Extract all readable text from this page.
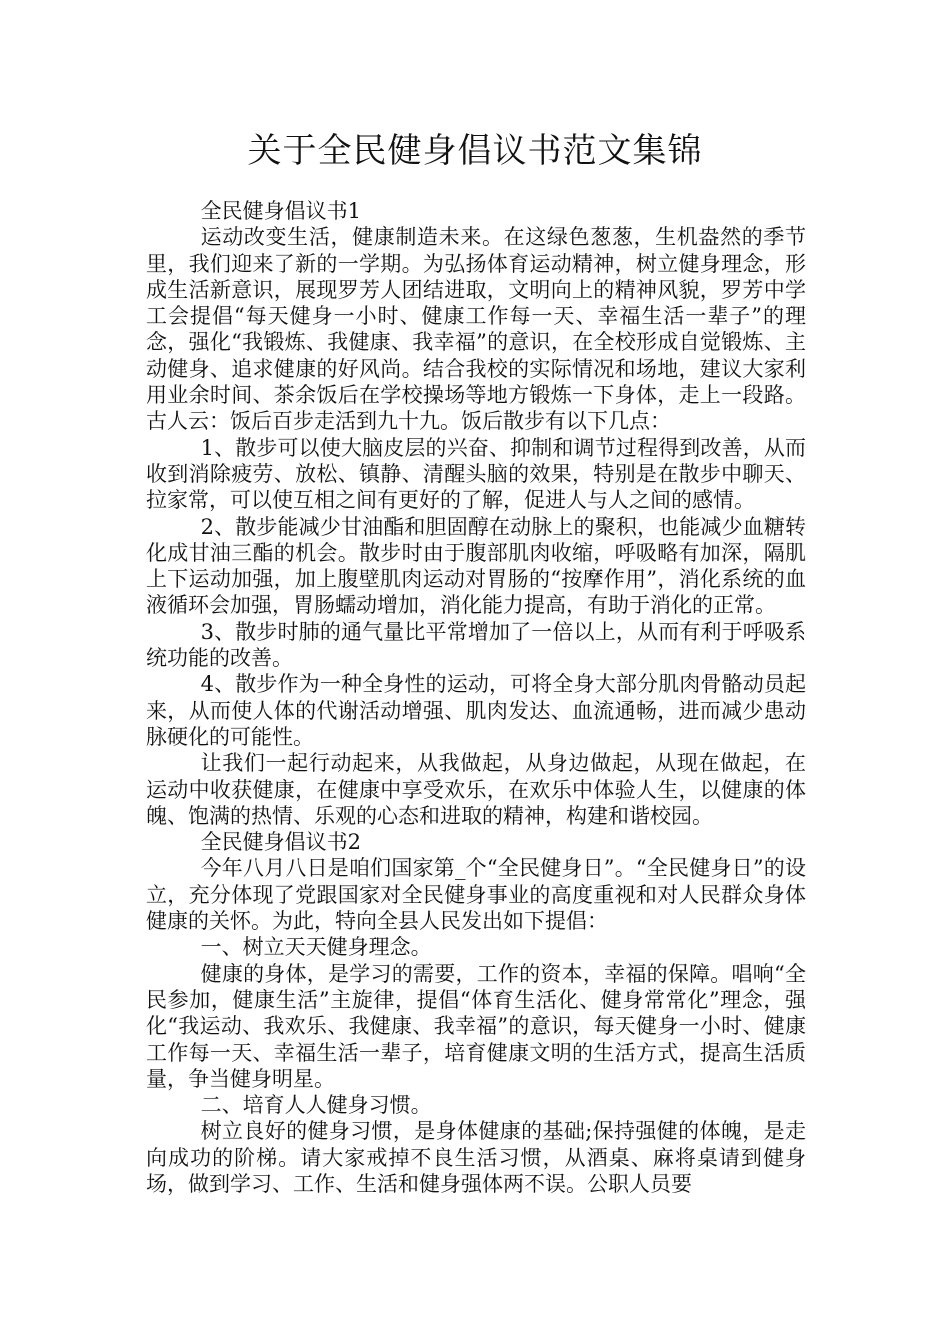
关于全民健身倡议书范文集锦

全民健身倡议书1

运动改变生活，健康制造未来。在这绿色葱葱，生机盎然的季节里，我们迎来了新的一学期。为弘扬体育运动精神，树立健身理念，形成生活新意识，展现罗芳人团结进取，文明向上的精神风貌，罗芳中学工会提倡“每天健身一小时、健康工作每一天、幸福生活一辈子”的理念，强化“我锻炼、我健康、我幸福”的意识，在全校形成自觉锻炼、主动健身、追求健康的好风尚。结合我校的实际情况和场地，建议大家利用业余时间、茶余饭后在学校操场等地方锻炼一下身体，走上一段路。古人云：饭后百步走活到九十九。饭后散步有以下几点：

1、散步可以使大脑皮层的兴奋、抑制和调节过程得到改善，从而收到消除疲劳、放松、镇静、清醒头脑的效果，特别是在散步中聊天、拉家常，可以使互相之间有更好的了解，促进人与人之间的感情。

2、散步能减少甘油酯和胆固醇在动脉上的聚积，也能减少血糖转化成甘油三酯的机会。散步时由于腹部肌肉收缩，呼吸略有加深，隔肌上下运动加强，加上腹壁肌肉运动对胃肠的“按摩作用”，消化系统的血液循环会加强，胃肠蠕动增加，消化能力提高，有助于消化的正常。

3、散步时肺的通气量比平常增加了一倍以上，从而有利于呼吸系统功能的改善。

4、散步作为一种全身性的运动，可将全身大部分肌肉骨骼动员起来，从而使人体的代谢活动增强、肌肉发达、血流通畅，进而减少患动脉硬化的可能性。

让我们一起行动起来，从我做起，从身边做起，从现在做起，在运动中收获健康，在健康中享受欢乐，在欢乐中体验人生，以健康的体魄、饱满的热情、乐观的心态和进取的精神，构建和谐校园。

全民健身倡议书2

今年八月八日是咱们国家第_个“全民健身日”。“全民健身日”的设立，充分体现了党跟国家对全民健身事业的高度重视和对人民群众身体健康的关怀。为此，特向全县人民发出如下提倡：

一、树立天天健身理念。

健康的身体，是学习的需要，工作的资本，幸福的保障。唱响“全民参加，健康生活”主旋律，提倡“体育生活化、健身常常化”理念，强化“我运动、我欢乐、我健康、我幸福”的意识，每天健身一小时、健康工作每一天、幸福生活一辈子，培育健康文明的生活方式，提高生活质量，争当健身明星。

二、培育人人健身习惯。

树立良好的健身习惯，是身体健康的基础;保持强健的体魄，是走向成功的阶梯。请大家戒掉不良生活习惯，从酒桌、麻将桌请到健身场，做到学习、工作、生活和健身强体两不误。公职人员要
